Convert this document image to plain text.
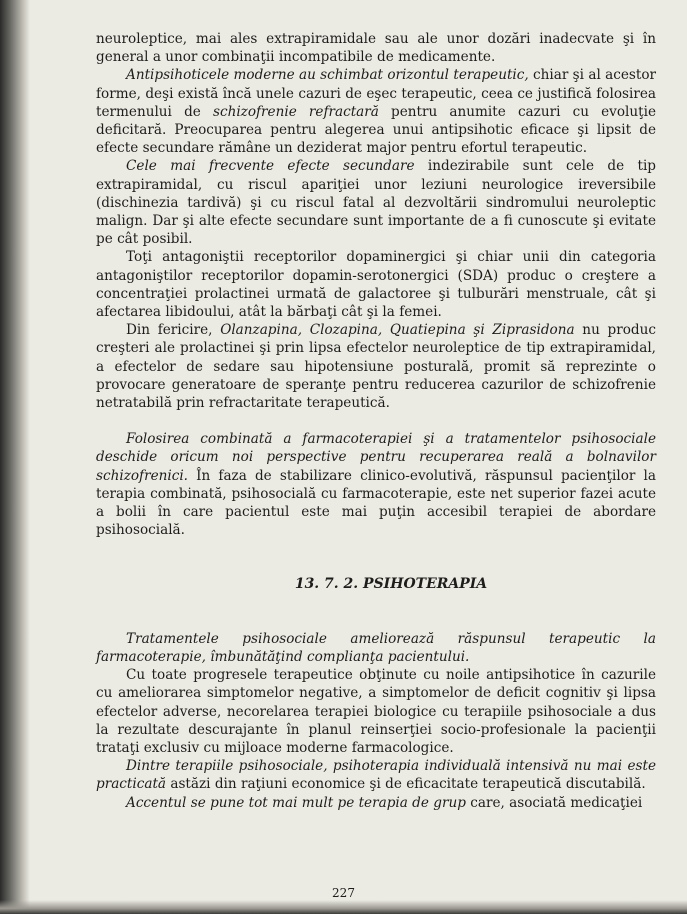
neuroleptice, mai ales extrapiramidale sau ale unor dozări inadecvate şi în general a unor combinaţii incompatibile de medicamente.

Antipsihoticele moderne au schimbat orizontul terapeutic, chiar şi al acestor forme, deşi există încă unele cazuri de eşec terapeutic, ceea ce justifică folosirea termenului de schizofrenie refractară pentru anumite cazuri cu evoluţie deficitară. Preocuparea pentru alegerea unui antipsihotic eficace şi lipsit de efecte secundare rămâne un deziderat major pentru efortul terapeutic.

Cele mai frecvente efecte secundare indezirabile sunt cele de tip extrapiramidal, cu riscul apariţiei unor leziuni neurologice ireversibile (dischinezia tardivă) şi cu riscul fatal al dezvoltării sindromului neuroleptic malign. Dar şi alte efecte secundare sunt importante de a fi cunoscute şi evitate pe cât posibil.

Toţi antagoniştii receptorilor dopaminergici şi chiar unii din categoria antagoniştilor receptorilor dopamin-serotonergici (SDA) produc o creştere a concentraţiei prolactinei urmată de galactoree şi tulburări menstruale, cât şi afectarea libidoului, atât la bărbaţi cât şi la femei.

Din fericire, Olanzapina, Clozapina, Quatiepina şi Ziprasidona nu produc creşteri ale prolactinei şi prin lipsa efectelor neuroleptice de tip extrapiramidal, a efectelor de sedare sau hipotensiune posturală, promit să reprezinte o provocare generatoare de speranţe pentru reducerea cazurilor de schizofrenie netratabilă prin refractaritate terapeutică.

Folosirea combinată a farmacoterapiei şi a tratamentelor psihosociale deschide oricum noi perspective pentru recuperarea reală a bolnavilor schizofrenici. În faza de stabilizare clinico-evolutivă, răspunsul pacienţilor la terapia combinată, psihosocială cu farmacoterapie, este net superior fazei acute a bolii în care pacientul este mai puţin accesibil terapiei de abordare psihosocială.

13. 7. 2. PSIHOTERAPIA

Tratamentele psihosociale ameliorează răspunsul terapeutic la farmacoterapie, îmbunătăţind complianţa pacientului.

Cu toate progresele terapeutice obţinute cu noile antipsihotice în cazurile cu ameliorarea simptomelor negative, a simptomelor de deficit cognitiv şi lipsa efectelor adverse, necorelarea terapiei biologice cu terapiile psihosociale a dus la rezultate descurajante în planul reinserţiei socio-profesionale la pacienţii trataţi exclusiv cu mijloace moderne farmacologice.

Dintre terapiile psihosociale, psihoterapia individuală intensivă nu mai este practicată astăzi din raţiuni economice şi de eficacitate terapeutică discutabilă.

Accentul se pune tot mai mult pe terapia de grup care, asociată medicaţiei

227
